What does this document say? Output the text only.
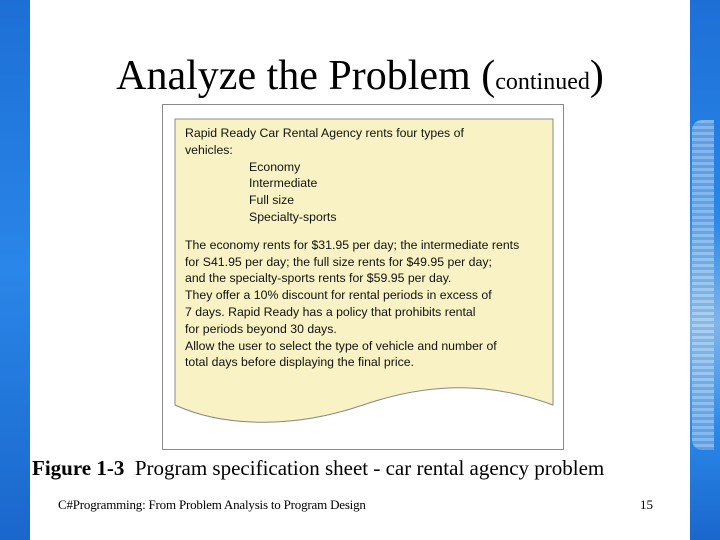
Analyze the Problem (continued)
Rapid Ready Car Rental Agency rents four types of
vehicles:
Economy
Intermediate
Full size
Specialty-sports
The economy rents for $31.95 per day; the intermediate rents
for S41.95 per day; the full size rents for $49.95 per day;
and the specialty-sports rents for $59.95 per day.
They offer a 10% discount for rental periods in excess of
7 days. Rapid Ready has a policy that prohibits rental
for periods beyond 30 days.
Allow the user to select the type of vehicle and number of
total days before displaying the final price.
Figure 1-3 Program specification sheet - car rental agency problem
C#Programming: From Problem Analysis to Program Design	15
